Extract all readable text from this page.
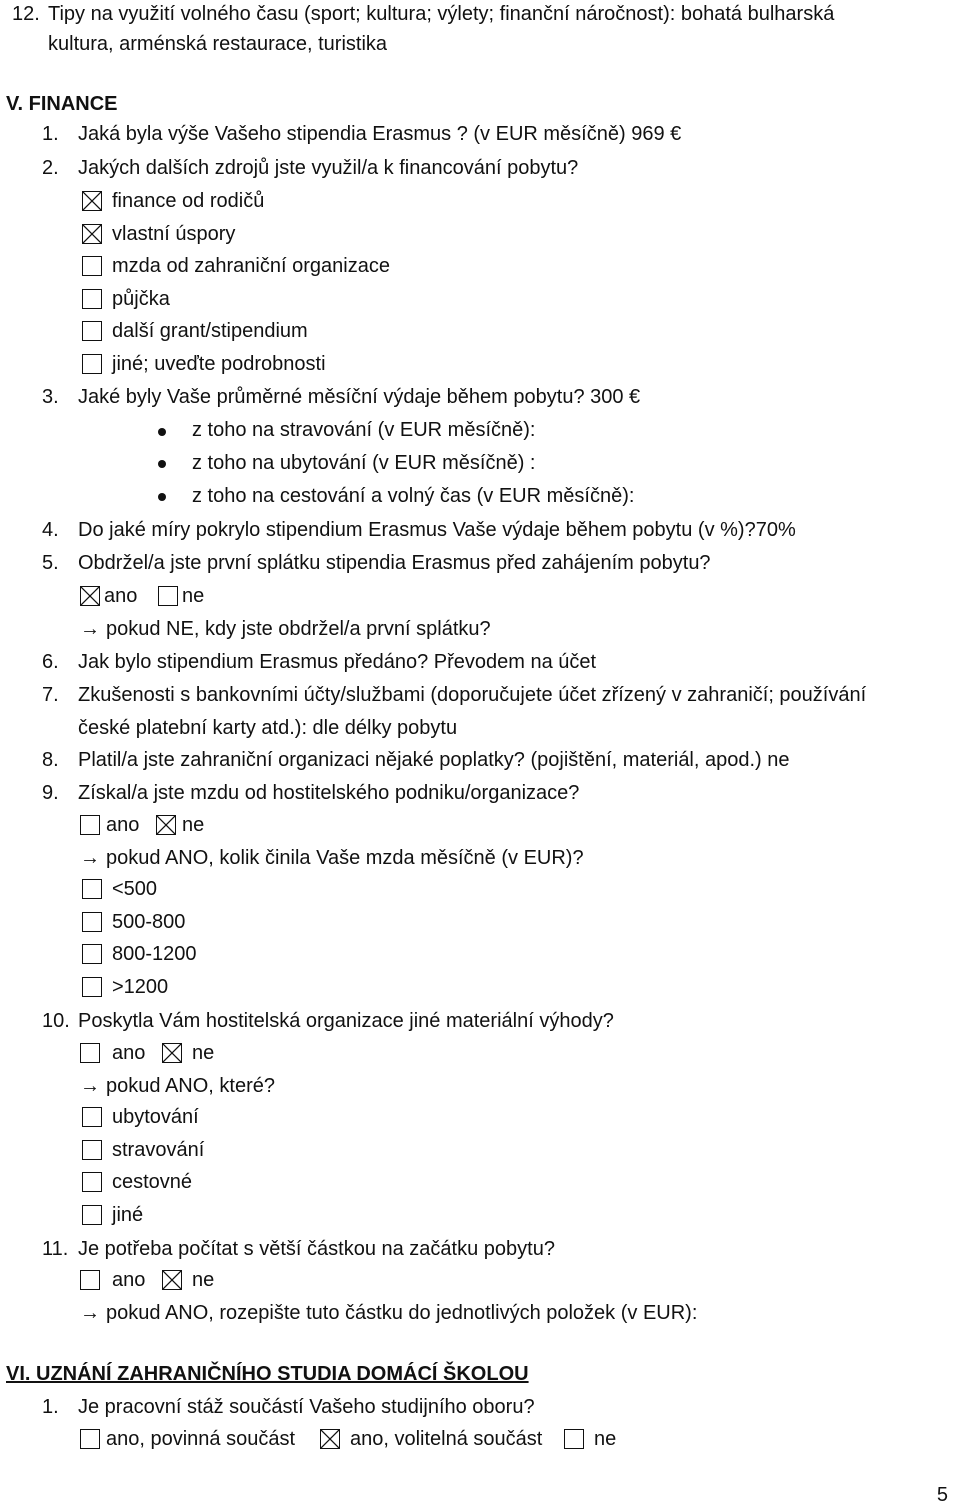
12. Tipy na využití volného času (sport; kultura; výlety; finanční náročnost): bohatá bulharská
kultura, arménská restaurace, turistika
V. FINANCE
1. Jaká byla výše Vašeho stipendia Erasmus ? (v EUR měsíčně) 969 €
2. Jakých dalších zdrojů jste využil/a k financování pobytu?
finance od rodičů
vlastní úspory
mzda od zahraniční organizace
půjčka
další grant/stipendium
jiné; uveďte podrobnosti
3. Jaké byly Vaše průměrné měsíční výdaje během pobytu? 300 €
z toho na stravování (v EUR měsíčně):
z toho na ubytování (v EUR měsíčně) :
z toho na cestování a volný čas (v EUR měsíčně):
4. Do jaké míry pokrylo stipendium Erasmus Vaše výdaje během pobytu (v %)?70%
5. Obdržel/a jste první splátku stipendia Erasmus před zahájením pobytu?
ano ne
→ pokud NE, kdy jste obdržel/a první splátku?
6. Jak bylo stipendium Erasmus předáno? Převodem na účet
7. Zkušenosti s bankovními účty/službami (doporučujete účet zřízený v zahraničí; používání
české platební karty atd.): dle délky pobytu
8. Platil/a jste zahraniční organizaci nějaké poplatky? (pojištění, materiál, apod.) ne
9. Získal/a jste mzdu od hostitelského podniku/organizace?
ano ne
→ pokud ANO, kolik činila Vaše mzda měsíčně (v EUR)?
<500
500-800
800-1200
>1200
10. Poskytla Vám hostitelská organizace jiné materiální výhody?
ano ne
→ pokud ANO, které?
ubytování
stravování
cestovné
jiné
11. Je potřeba počítat s větší částkou na začátku pobytu?
ano ne
→ pokud ANO, rozepište tuto částku do jednotlivých položek (v EUR):
VI. UZNÁNÍ ZAHRANIČNÍHO STUDIA DOMÁCÍ ŠKOLOU
1. Je pracovní stáž součástí Vašeho studijního oboru?
ano, povinná součást	ano, volitelná součást	ne
5
